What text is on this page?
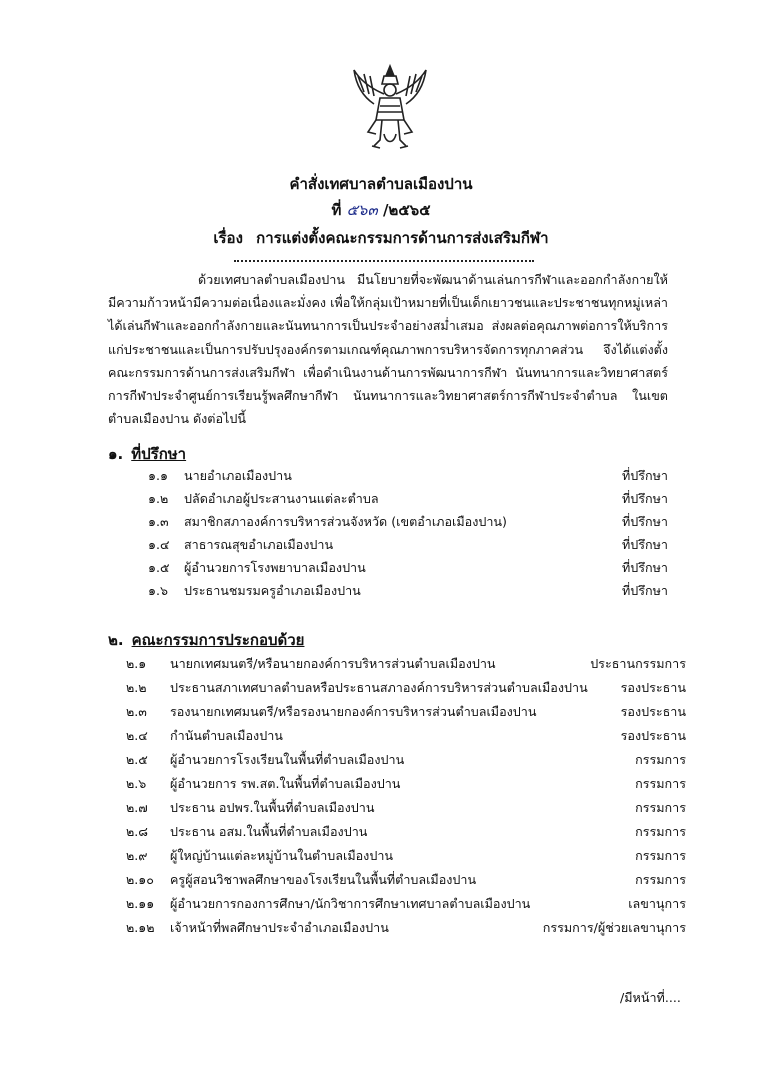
คำสั่งเทศบาลตำบลเมืองปาน
ที่ ๕๖๓ /๒๕๖๕
เรื่อง การแต่งตั้งคณะกรรมการด้านการส่งเสริมกีฬา
ด้วยเทศบาลตำบลเมืองปาน มีนโยบายที่จะพัฒนาด้านเล่นการกีฬาและออกกำลังกายให้มีความก้าวหน้ามีความต่อเนื่องและมั่งคง เพื่อให้กลุ่มเป้าหมายที่เป็นเด็กเยาวชนและประชาชนทุกหมู่เหล่าได้เล่นกีฬาและออกกำลังกายและนันทนาการเป็นประจำอย่างสม่ำเสมอ ส่งผลต่อคุณภาพต่อการให้บริการแก่ประชาชนและเป็นการปรับปรุงองค์กรตามเกณฑ์คุณภาพการบริหารจัดการทุกภาคส่วน จึงได้แต่งตั้งคณะกรรมการด้านการส่งเสริมกีฬา เพื่อดำเนินงานด้านการพัฒนาการกีฬา นันทนาการและวิทยาศาสตร์การกีฬาประจำศูนย์การเรียนรู้พลศึกษากีฬา นันทนาการและวิทยาศาสตร์การกีฬาประจำตำบล ในเขตตำบลเมืองปาน ดังต่อไปนี้
๑. ที่ปรึกษา
๑.๑ นายอำเภอเมืองปาน	ที่ปรึกษา
๑.๒ ปลัดอำเภอผู้ประสานงานแต่ละตำบล	ที่ปรึกษา
๑.๓ สมาชิกสภาองค์การบริหารส่วนจังหวัด (เขตอำเภอเมืองปาน)	ที่ปรึกษา
๑.๔ สาธารณสุขอำเภอเมืองปาน	ที่ปรึกษา
๑.๕ ผู้อำนวยการโรงพยาบาลเมืองปาน	ที่ปรึกษา
๑.๖ ประธานชมรมครูอำเภอเมืองปาน	ที่ปรึกษา
๒. คณะกรรมการประกอบด้วย
๒.๑ นายกเทศมนตรี/หรือนายกองค์การบริหารส่วนตำบลเมืองปาน	ประธานกรรมการ
๒.๒ ประธานสภาเทศบาลตำบลหรือประธานสภาองค์การบริหารส่วนตำบลเมืองปาน	รองประธาน
๒.๓ รองนายกเทศมนตรี/หรือรองนายกองค์การบริหารส่วนตำบลเมืองปาน	รองประธาน
๒.๔ กำนันตำบลเมืองปาน	รองประธาน
๒.๕ ผู้อำนวยการโรงเรียนในพื้นที่ตำบลเมืองปาน	กรรมการ
๒.๖ ผู้อำนวยการ รพ.สต.ในพื้นที่ตำบลเมืองปาน	กรรมการ
๒.๗ ประธาน อปพร.ในพื้นที่ตำบลเมืองปาน	กรรมการ
๒.๘ ประธาน อสม.ในพื้นที่ตำบลเมืองปาน	กรรมการ
๒.๙ ผู้ใหญ่บ้านแต่ละหมู่บ้านในตำบลเมืองปาน	กรรมการ
๒.๑๐ ครูผู้สอนวิชาพลศึกษาของโรงเรียนในพื้นที่ตำบลเมืองปาน	กรรมการ
๒.๑๑ ผู้อำนวยการกองการศึกษา/นักวิชาการศึกษาเทศบาลตำบลเมืองปาน	เลขานุการ
๒.๑๒ เจ้าหน้าที่พลศึกษาประจำอำเภอเมืองปาน	กรรมการ/ผู้ช่วยเลขานุการ
/มีหน้าที่....
